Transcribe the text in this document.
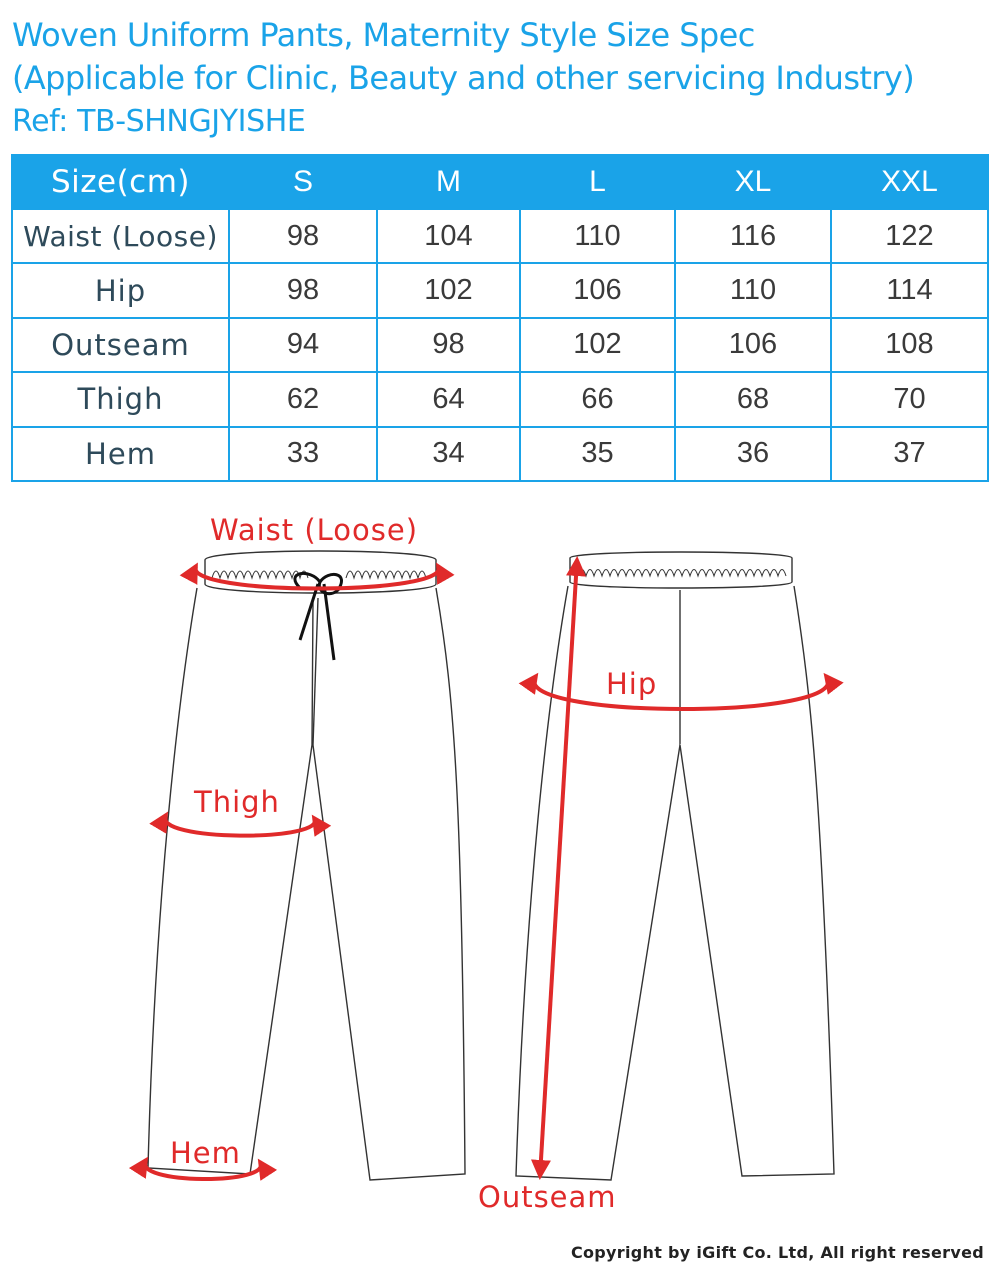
Woven Uniform Pants, Maternity Style Size Spec
(Applicable for Clinic, Beauty and other servicing Industry)
Ref: TB-SHNGJYISHE
Size(cm)	S	M	L	XL	XXL
Waist (Loose)	98	104	110	116	122
Hip	98	102	106	110	114
Outseam	94	98	102	106	108
Thigh	62	64	66	68	70
Hem	33	34	35	36	37
Waist (Loose)
Thigh
Hem
Hip
Outseam
Copyright by iGift Co. Ltd, All right reserved
